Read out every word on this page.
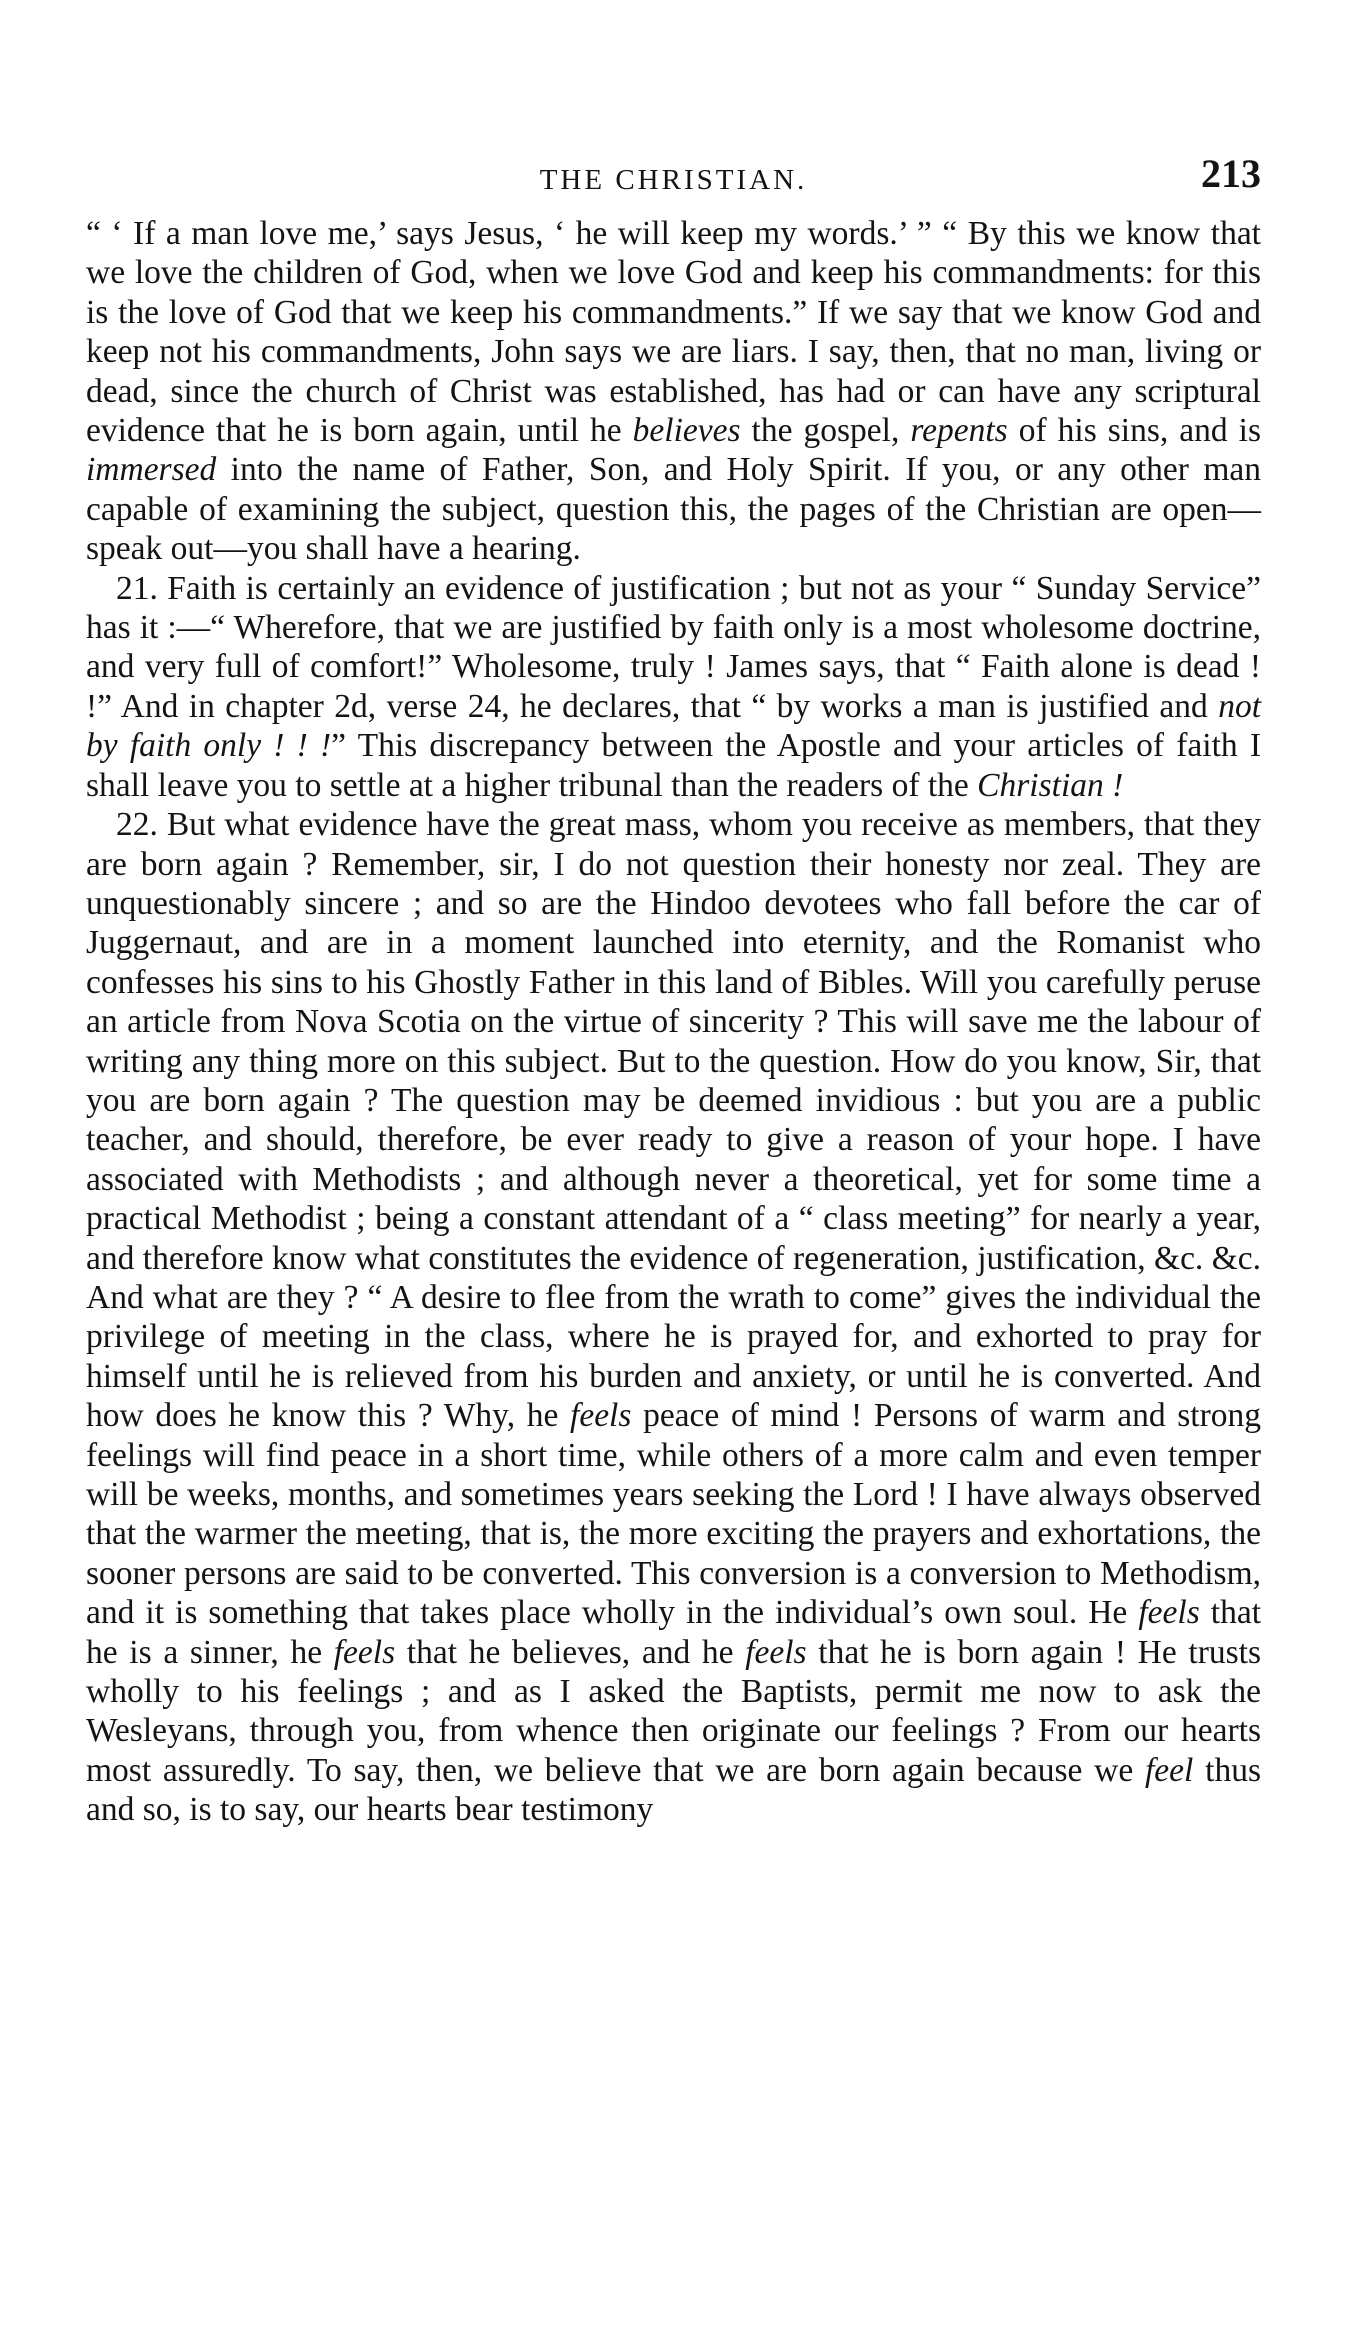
THE CHRISTIAN.	213

“ ‘ If a man love me,’ says Jesus, ‘ he will keep my words.’ ” “ By this we know that we love the children of God, when we love God and keep his commandments: for this is the love of God that we keep his commandments.” If we say that we know God and keep not his commandments, John says we are liars. I say, then, that no man, living or dead, since the church of Christ was established, has had or can have any scriptural evidence that he is born again, until he believes the gospel, repents of his sins, and is immersed into the name of Father, Son, and Holy Spirit. If you, or any other man capable of examining the subject, question this, the pages of the Christian are open—speak out—you shall have a hearing.

21. Faith is certainly an evidence of justification ; but not as your “ Sunday Service” has it :—“ Wherefore, that we are justified by faith only is a most wholesome doctrine, and very full of comfort!” Wholesome, truly ! James says, that “ Faith alone is dead ! !” And in chapter 2d, verse 24, he declares, that “ by works a man is justified and not by faith only ! ! !” This discrepancy between the Apostle and your articles of faith I shall leave you to settle at a higher tribunal than the readers of the Christian !

22. But what evidence have the great mass, whom you receive as members, that they are born again ? Remember, sir, I do not question their honesty nor zeal. They are unquestionably sincere ; and so are the Hindoo devotees who fall before the car of Juggernaut, and are in a moment launched into eternity, and the Romanist who confesses his sins to his Ghostly Father in this land of Bibles. Will you carefully peruse an article from Nova Scotia on the virtue of sincerity ? This will save me the labour of writing any thing more on this subject. But to the question. How do you know, Sir, that you are born again ? The question may be deemed invidious : but you are a public teacher, and should, therefore, be ever ready to give a reason of your hope. I have associated with Methodists ; and although never a theoretical, yet for some time a practical Methodist ; being a constant attendant of a “ class meeting” for nearly a year, and therefore know what constitutes the evidence of regeneration, justification, &c. &c. And what are they ? “ A desire to flee from the wrath to come” gives the individual the privilege of meeting in the class, where he is prayed for, and exhorted to pray for himself until he is relieved from his burden and anxiety, or until he is converted. And how does he know this ? Why, he feels peace of mind ! Persons of warm and strong feelings will find peace in a short time, while others of a more calm and even temper will be weeks, months, and sometimes years seeking the Lord ! I have always observed that the warmer the meeting, that is, the more exciting the prayers and exhortations, the sooner persons are said to be converted. This conversion is a conversion to Methodism, and it is something that takes place wholly in the individual’s own soul. He feels that he is a sinner, he feels that he believes, and he feels that he is born again ! He trusts wholly to his feelings ; and as I asked the Baptists, permit me now to ask the Wesleyans, through you, from whence then originate our feelings ? From our hearts most assuredly. To say, then, we believe that we are born again because we feel thus and so, is to say, our hearts bear testimony
